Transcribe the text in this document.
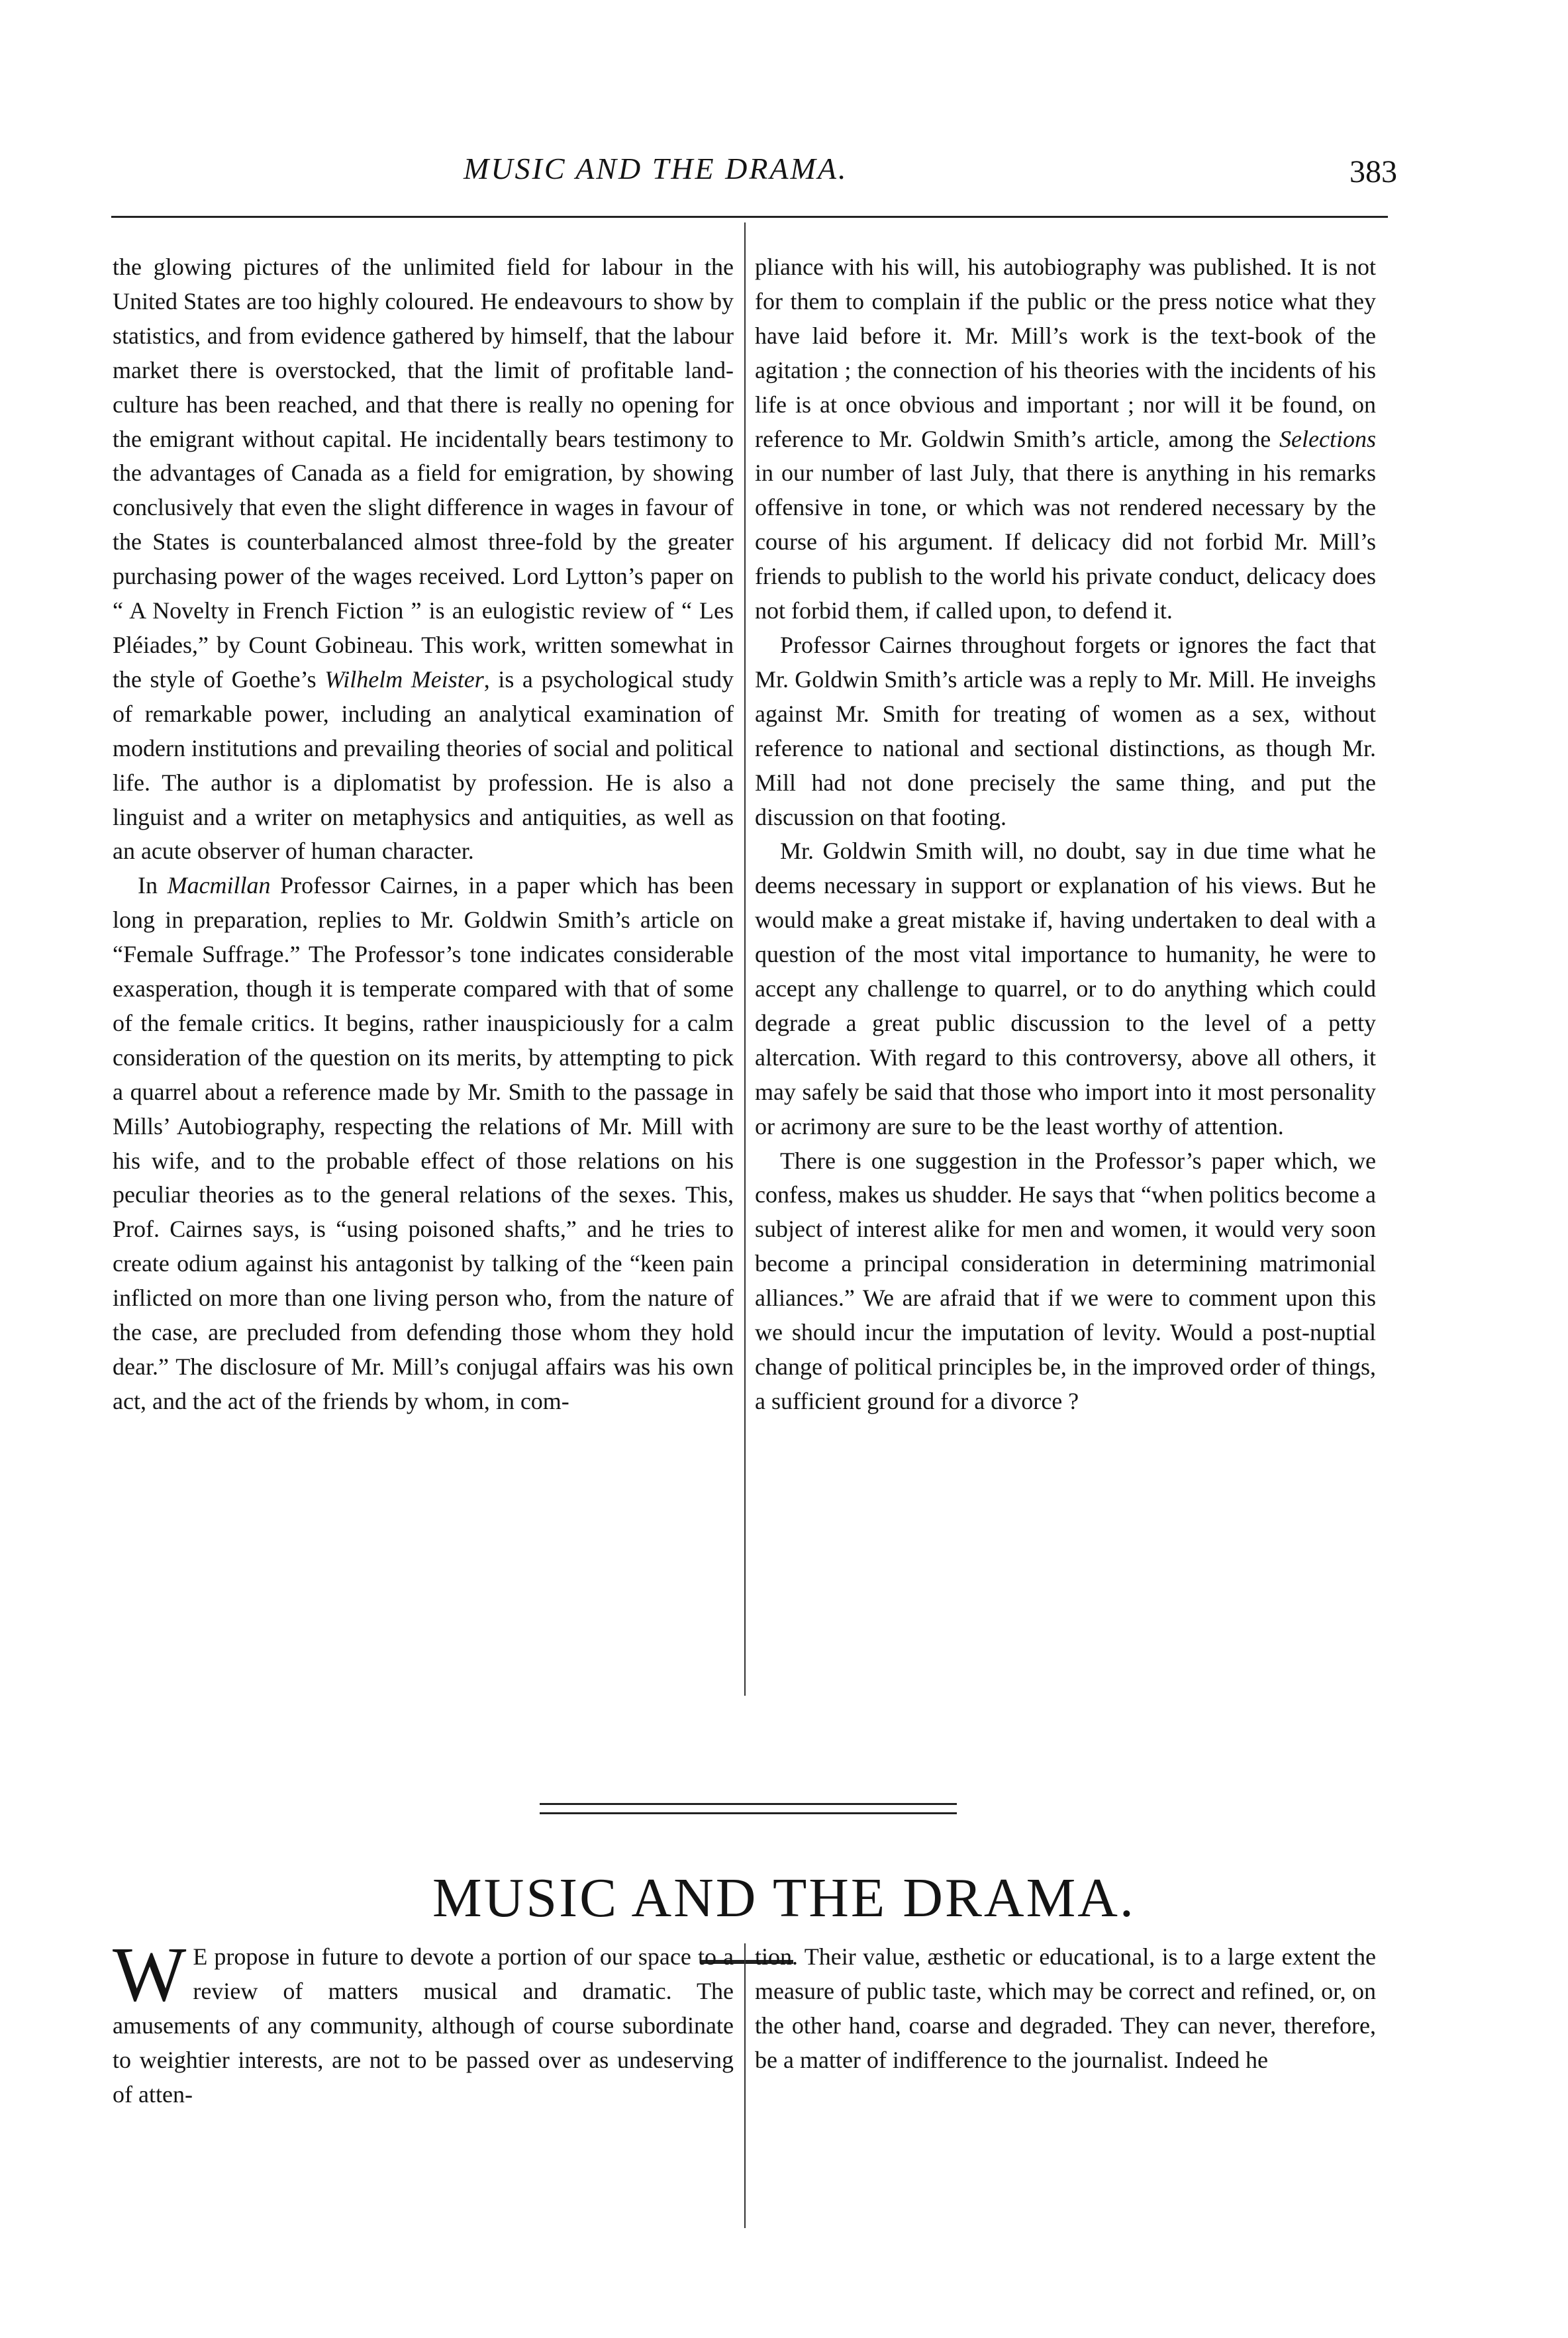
MUSIC AND THE DRAMA.	383

the glowing pictures of the unlimited field for labour in the United States are too highly coloured. He endeavours to show by statistics, and from evidence gathered by himself, that the labour market there is overstocked, that the limit of profitable land-culture has been reached, and that there is really no opening for the emigrant without capital. He incidentally bears testimony to the advantages of Canada as a field for emigration, by showing conclusively that even the slight difference in wages in favour of the States is counterbalanced almost three-fold by the greater purchasing power of the wages received. Lord Lytton’s paper on “ A Novelty in French Fiction ” is an eulogistic review of “ Les Pléiades,” by Count Gobineau. This work, written somewhat in the style of Goethe’s Wilhelm Meister, is a psychological study of remarkable power, including an analytical examination of modern institutions and prevailing theories of social and political life. The author is a diplomatist by profession. He is also a linguist and a writer on metaphysics and antiquities, as well as an acute observer of human character.

In Macmillan Professor Cairnes, in a paper which has been long in preparation, replies to Mr. Goldwin Smith’s article on “Female Suffrage.” The Professor’s tone indicates considerable exasperation, though it is temperate compared with that of some of the female critics. It begins, rather inauspiciously for a calm consideration of the question on its merits, by attempting to pick a quarrel about a reference made by Mr. Smith to the passage in Mills’ Autobiography, respecting the relations of Mr. Mill with his wife, and to the probable effect of those relations on his peculiar theories as to the general relations of the sexes. This, Prof. Cairnes says, is “using poisoned shafts,” and he tries to create odium against his antagonist by talking of the “keen pain inflicted on more than one living person who, from the nature of the case, are precluded from defending those whom they hold dear.” The disclosure of Mr. Mill’s conjugal affairs was his own act, and the act of the friends by whom, in com-

pliance with his will, his autobiography was published. It is not for them to complain if the public or the press notice what they have laid before it. Mr. Mill’s work is the text-book of the agitation ; the connection of his theories with the incidents of his life is at once obvious and important ; nor will it be found, on reference to Mr. Goldwin Smith’s article, among the Selections in our number of last July, that there is anything in his remarks offensive in tone, or which was not rendered necessary by the course of his argument. If delicacy did not forbid Mr. Mill’s friends to publish to the world his private conduct, delicacy does not forbid them, if called upon, to defend it.

Professor Cairnes throughout forgets or ignores the fact that Mr. Goldwin Smith’s article was a reply to Mr. Mill. He inveighs against Mr. Smith for treating of women as a sex, without reference to national and sectional distinctions, as though Mr. Mill had not done precisely the same thing, and put the discussion on that footing.

Mr. Goldwin Smith will, no doubt, say in due time what he deems necessary in support or explanation of his views. But he would make a great mistake if, having undertaken to deal with a question of the most vital importance to humanity, he were to accept any challenge to quarrel, or to do anything which could degrade a great public discussion to the level of a petty altercation. With regard to this controversy, above all others, it may safely be said that those who import into it most personality or acrimony are sure to be the least worthy of attention.

There is one suggestion in the Professor’s paper which, we confess, makes us shudder. He says that “when politics become a subject of interest alike for men and women, it would very soon become a principal consideration in determining matrimonial alliances.” We are afraid that if we were to comment upon this we should incur the imputation of levity. Would a post-nuptial change of political principles be, in the improved order of things, a sufficient ground for a divorce ?

MUSIC AND THE DRAMA.

W E propose in future to devote a portion of our space to a review of matters musical and dramatic. The amusements of any community, although of course subordinate to weightier interests, are not to be passed over as undeserving of atten-

tion. Their value, æsthetic or educational, is to a large extent the measure of public taste, which may be correct and refined, or, on the other hand, coarse and degraded. They can never, therefore, be a matter of indifference to the journalist. Indeed he
